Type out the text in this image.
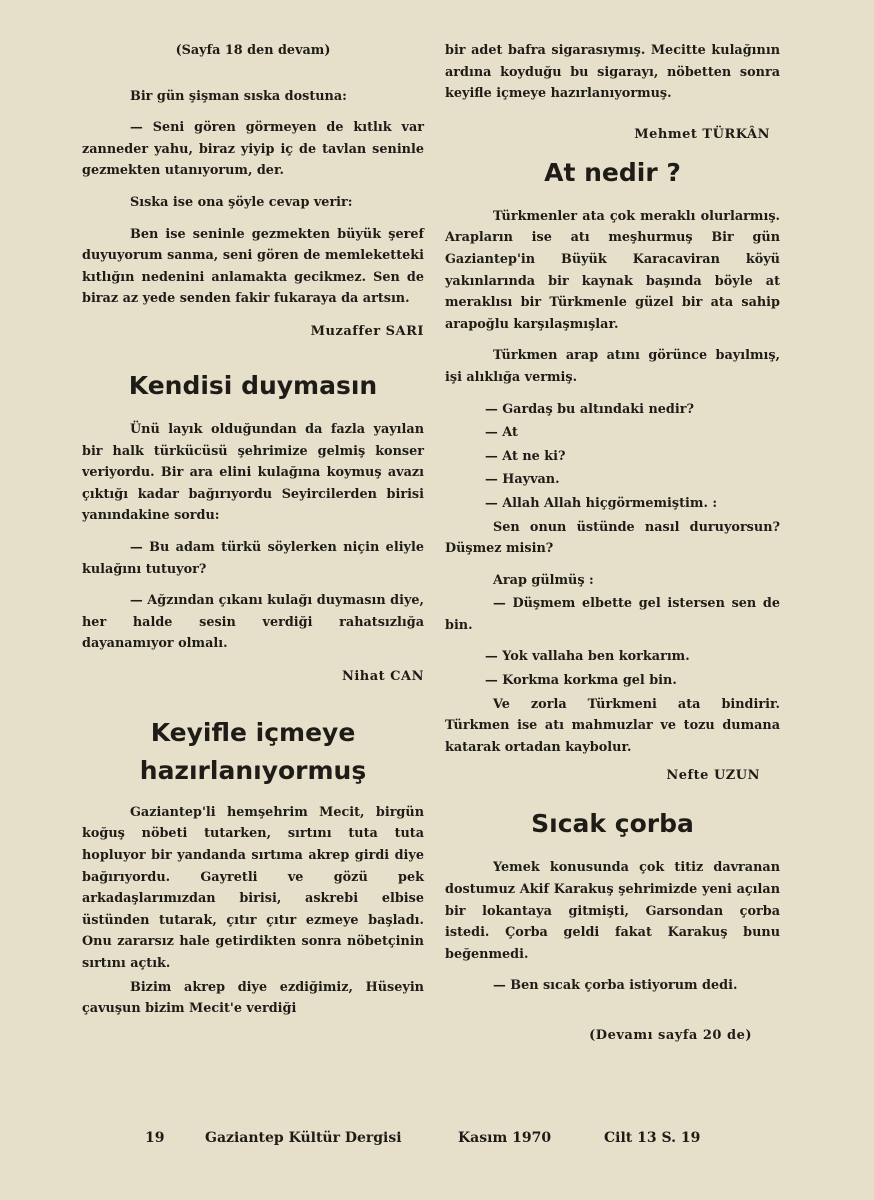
(Sayfa 18 den devam)

Bir gün şişman sıska dostuna:

— Seni gören görmeyen de kıtlık var zanneder yahu, biraz yiyip iç de tavlan seninle gezmekten utanıyorum, der.

Sıska ise ona şöyle cevap verir:

Ben ise seninle gezmekten büyük şeref duyuyorum sanma, seni gören de memleketteki kıtlığın nedenini anlamakta gecikmez. Sen de biraz az yede senden fakir fukaraya da artsın.

Muzaffer SARI
Kendisi duymasın

Ünü layık olduğundan da fazla yayılan bir halk türkücüsü şehrimize gelmiş konser veriyordu. Bir ara elini kulağına koymuş avazı çıktığı kadar bağırıyordu Seyircilerden birisi yanındakine sordu:

— Bu adam türkü söylerken niçin eliyle kulağını tutuyor?

— Ağzından çıkanı kulağı duymasın diye, her halde sesin verdiği rahatsızlığa dayanamıyor olmalı.

Nihat CAN
Keyifle içmeye
hazırlanıyormuş

Gaziantep'li hemşehrim Mecit, birgün koğuş nöbeti tutarken, sırtını tuta tuta hopluyor bir yandanda sırtıma akrep girdi diye bağırıyordu. Gayretli ve gözü pek arkadaşlarımızdan birisi, askrebi elbise üstünden tutarak, çıtır çıtır ezmeye başladı. Onu zararsız hale getirdikten sonra nöbetçinin sırtını açtık.

Bizim akrep diye ezdiğimiz, Hüseyin çavuşun bizim Mecit'e verdiği

bir adet bafra sigarasıymış. Mecitte kulağının ardına koyduğu bu sigarayı, nöbetten sonra keyifle içmeye hazırlanıyormuş.

Mehmet TÜRKÂN
At nedir ?

Türkmenler ata çok meraklı olurlarmış. Arapların ise atı meşhurmuş Bir gün Gaziantep'in Büyük Karacaviran köyü yakınlarında bir kaynak başında böyle at meraklısı bir Türkmenle güzel bir ata sahip arapoğlu karşılaşmışlar.

Türkmen arap atını görünce bayılmış, işi alıklığa vermiş.

— Gardaş bu altındaki nedir?

— At

— At ne ki?

— Hayvan.

— Allah Allah hiçgörmemiştim. :

Sen onun üstünde nasıl duruyorsun? Düşmez misin?

Arap gülmüş :

— Düşmem elbette gel istersen sen de bin.

— Yok vallaha ben korkarım.

— Korkma korkma gel bin.

Ve zorla Türkmeni ata bindirir. Türkmen ise atı mahmuzlar ve tozu dumana katarak ortadan kaybolur.

Nefte UZUN
Sıcak çorba

Yemek konusunda çok titiz davranan dostumuz Akif Karakuş şehrimizde yeni açılan bir lokantaya gitmişti, Garsondan çorba istedi. Çorba geldi fakat Karakuş bunu beğenmedi.

— Ben sıcak çorba istiyorum dedi.

(Devamı sayfa 20 de)

19	Gaziantep Kültür Dergisi	Kasım 1970	Cilt 13 S. 19
